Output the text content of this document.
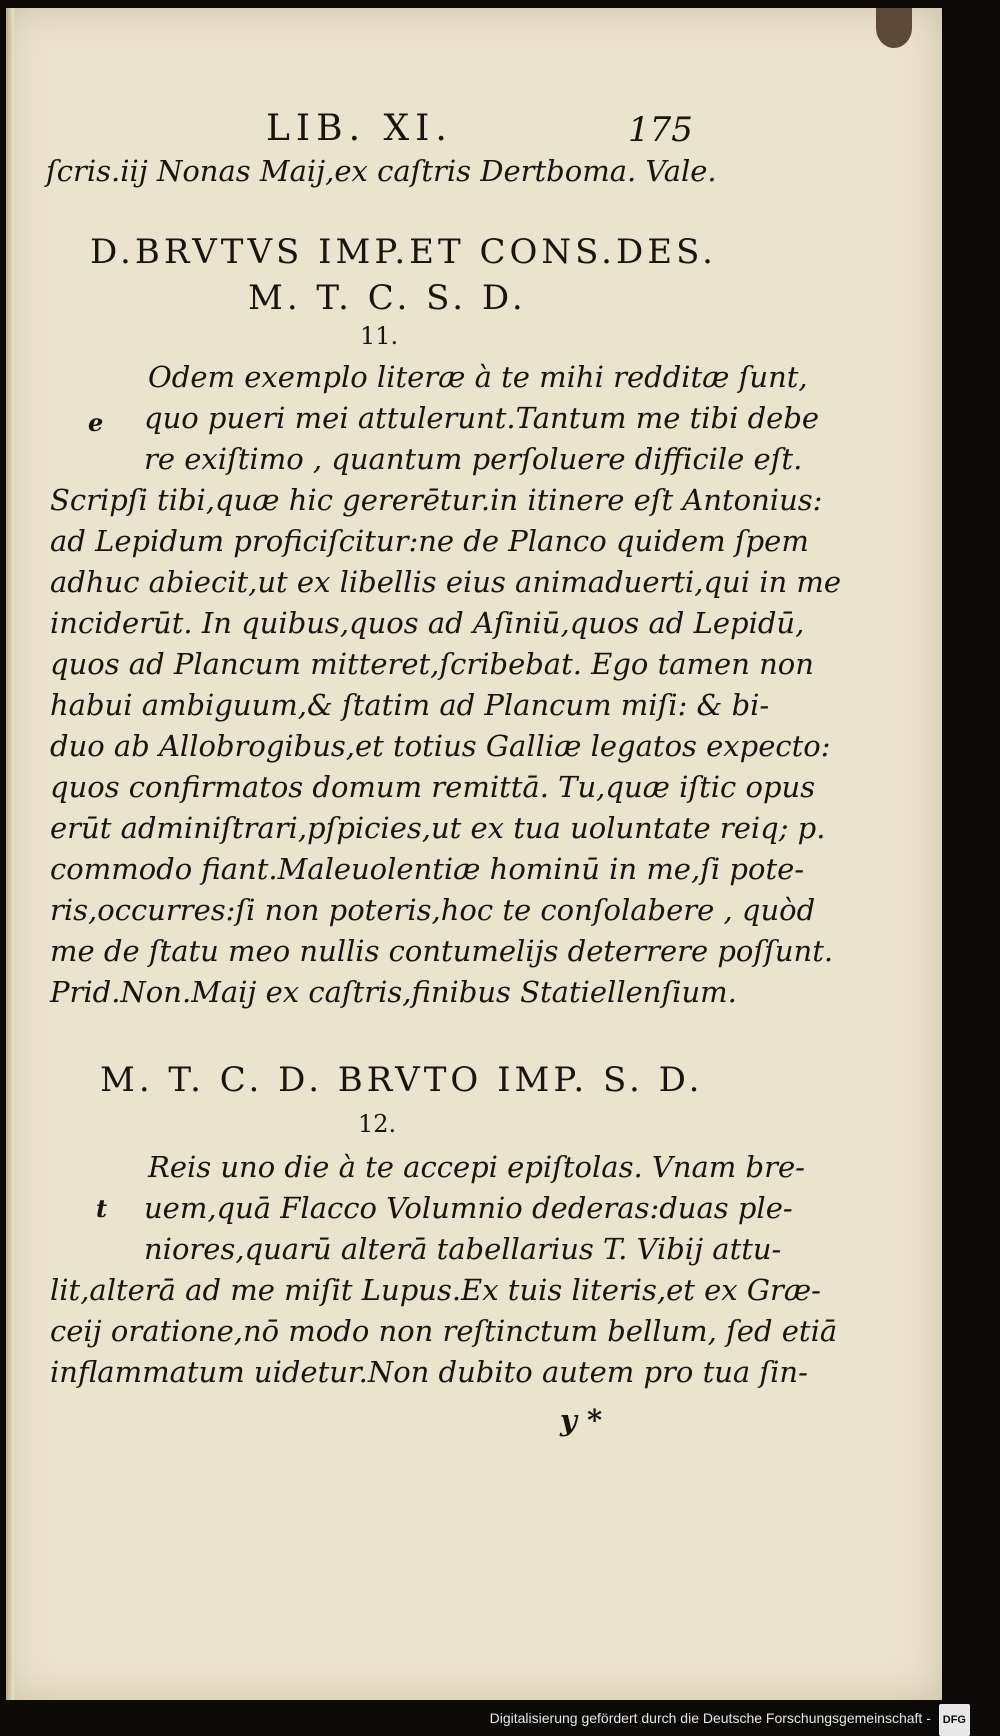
LIB. XI.	175
ſcris.iij Nonas Maij,ex caſtris Dertboma. Vale.
D.BRVTVS IMP.ET CONS.DES.
M. T. C. S. D.
11.
e
Odem exemplo literæ à te mihi redditæ ſunt,
quo pueri mei attulerunt.Tantum me tibi debe
re exiſtimo , quantum perſoluere difficile eſt.
Scripſi tibi,quæ hic gererētur.in itinere eſt Antonius:
ad Lepidum proficiſcitur:ne de Planco quidem ſpem
adhuc abiecit,ut ex libellis eius animaduerti,qui in me
inciderūt. In quibus,quos ad Aſiniū,quos ad Lepidū,
quos ad Plancum mitteret,ſcribebat. Ego tamen non
habui ambiguum,& ſtatim ad Plancum miſi: & bi-
duo ab Allobrogibus,et totius Galliæ legatos expecto:
quos confirmatos domum remittā. Tu,quæ iſtic opus
erūt adminiſtrari,pſpicies,ut ex tua uoluntate reiq; p.
commodo fiant.Maleuolentiæ hominū in me,ſi pote-
ris,occurres:ſi non poteris,hoc te conſolabere , quòd
me de ſtatu meo nullis contumelijs deterrere poſſunt.
Prid.Non.Maij ex caſtris,finibus Statiellenſium.
M. T. C. D. BRVTO IMP. S. D.
12.
t
Reis uno die à te accepi epiſtolas. Vnam bre-
uem,quā Flacco Volumnio dederas:duas ple-
niores,quarū alterā tabellarius T. Vibij attu-
lit,alterā ad me miſit Lupus.Ex tuis literis,et ex Græ-
ceij oratione,nō modo non reſtinctum bellum, ſed etiā
inflammatum uidetur.Non dubito autem pro tua ſin-
y *
Digitalisierung gefördert durch die Deutsche Forschungsgemeinschaft - DFG
